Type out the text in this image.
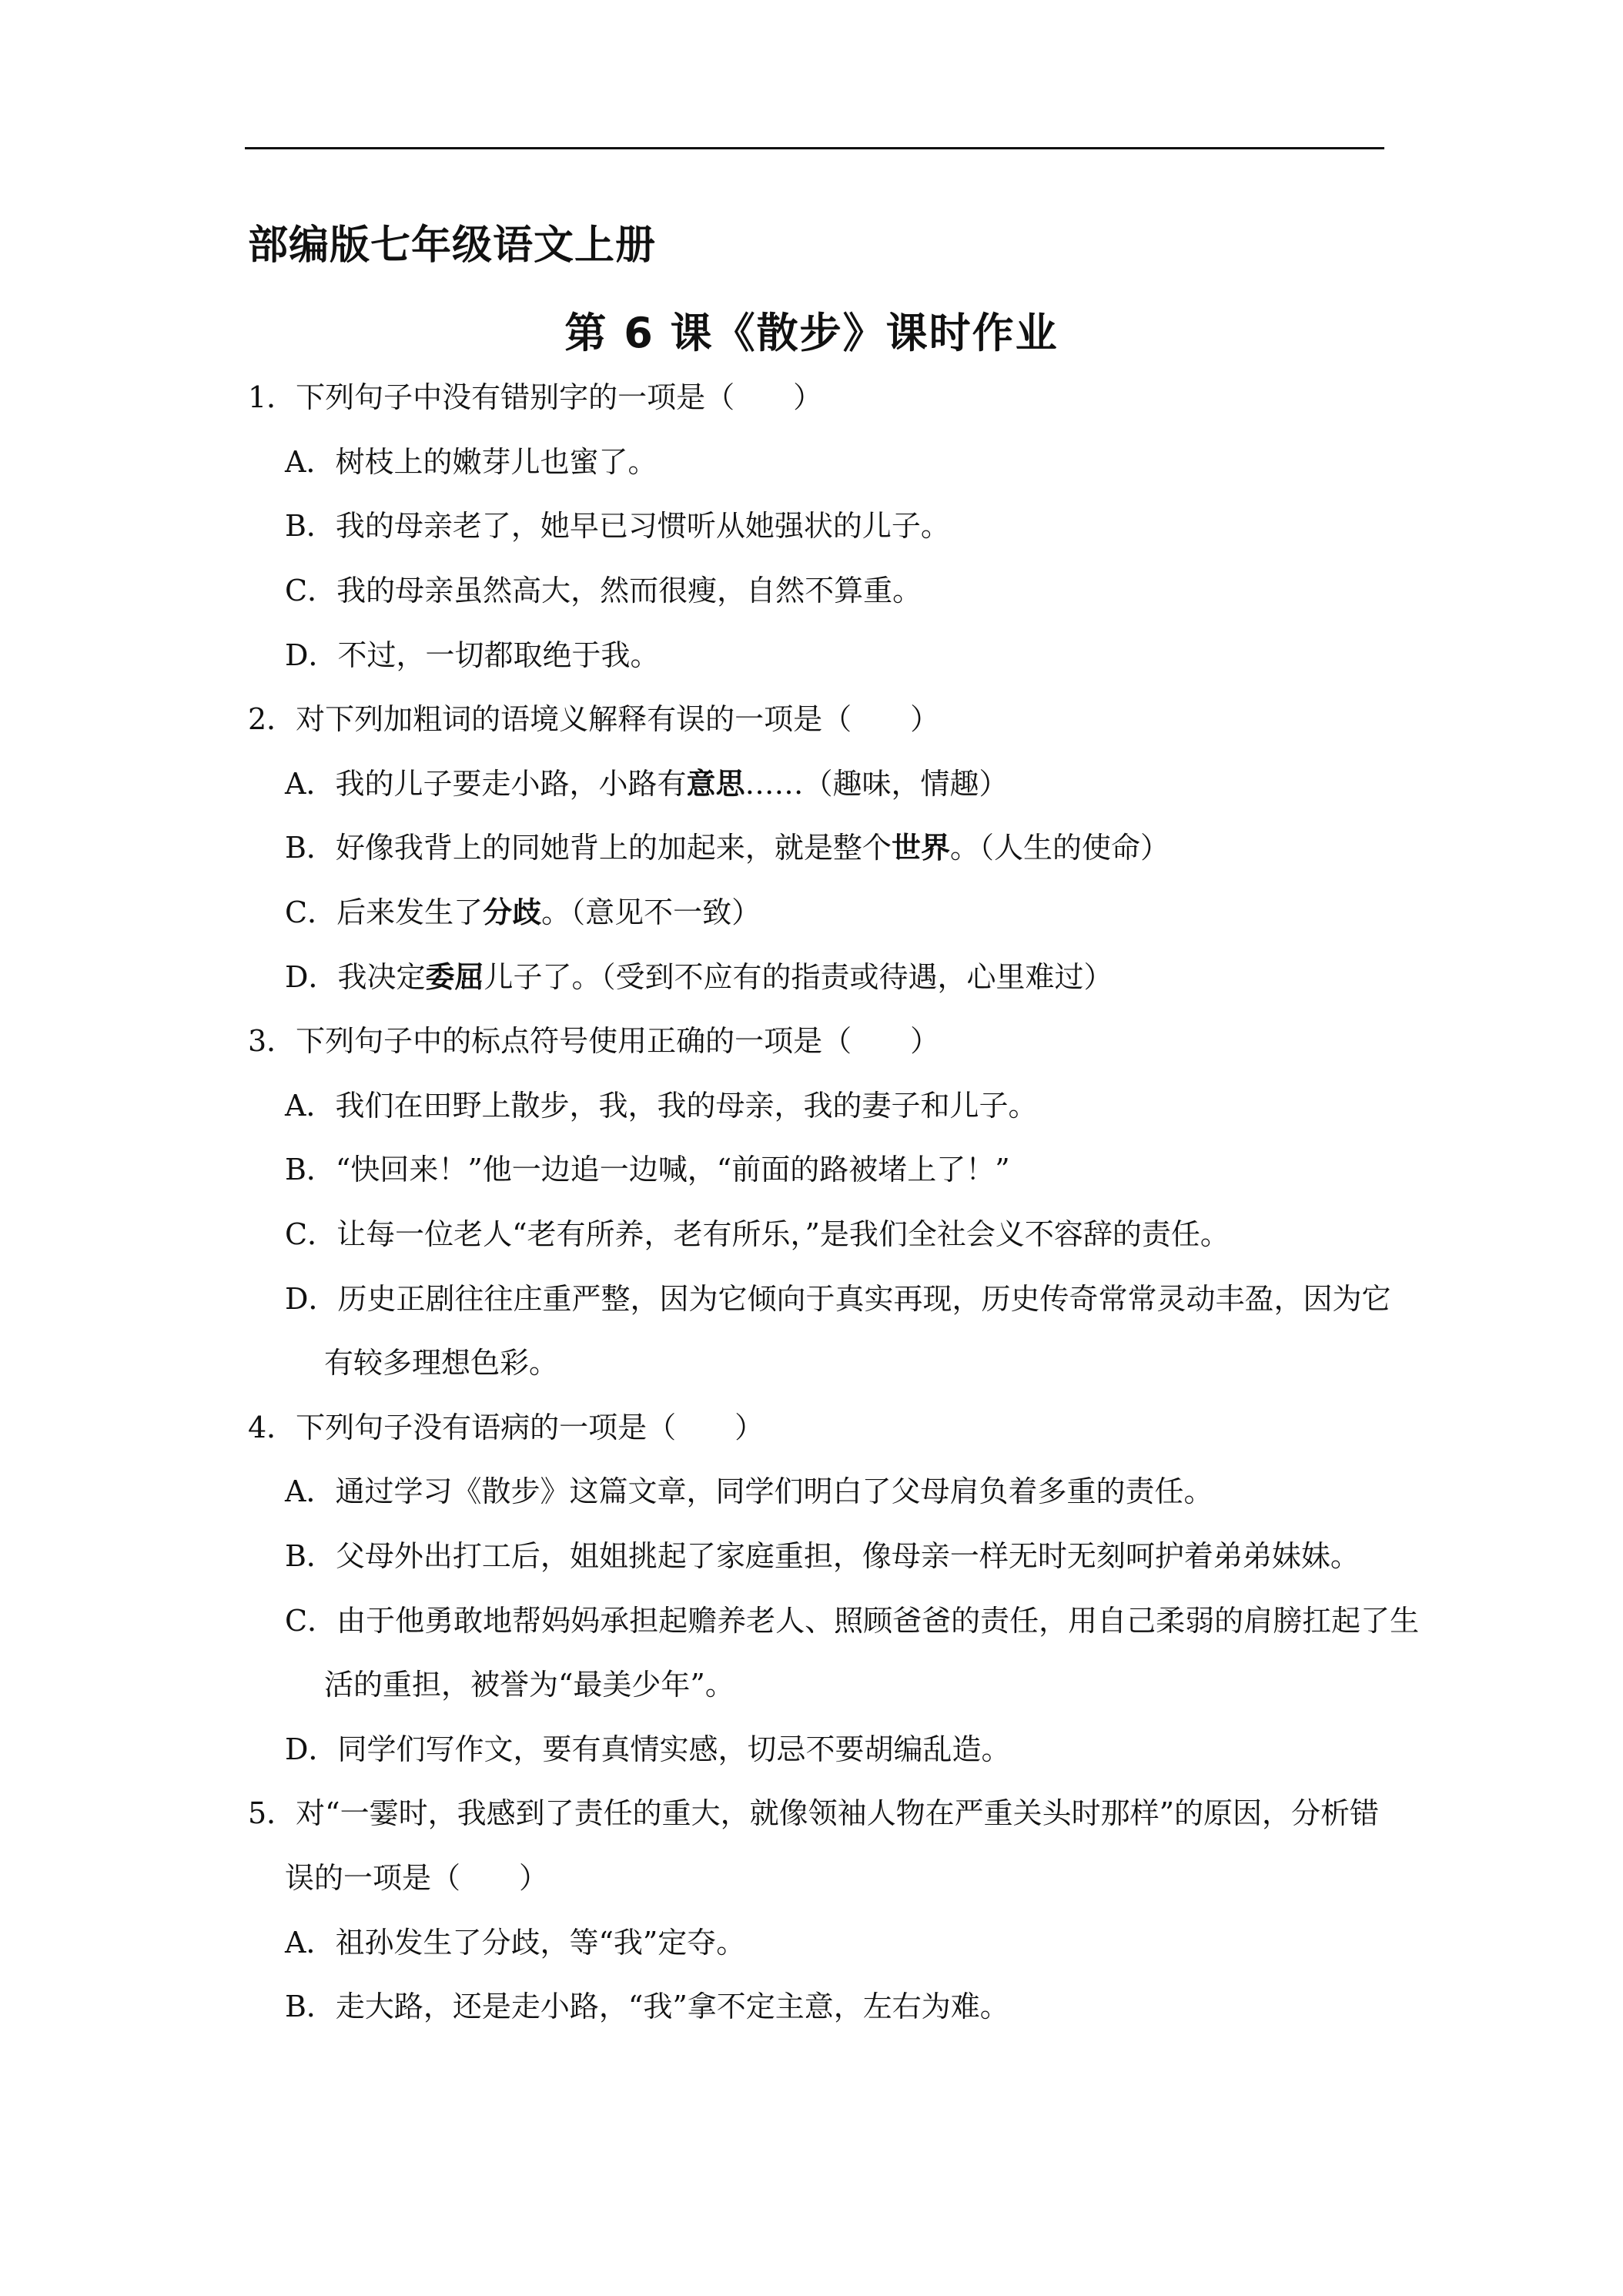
部编版七年级语文上册
第 6 课《散步》课时作业
1．下列句子中没有错别字的一项是（　　）
A．树枝上的嫩芽儿也蜜了。
B．我的母亲老了，她早已习惯听从她强状的儿子。
C．我的母亲虽然高大，然而很瘦，自然不算重。
D．不过，一切都取绝于我。
2．对下列加粗词的语境义解释有误的一项是（　　）
A．我的儿子要走小路，小路有意思……（趣味，情趣）
B．好像我背上的同她背上的加起来，就是整个世界。（人生的使命）
C．后来发生了分歧。（意见不一致）
D．我决定委屈儿子了。（受到不应有的指责或待遇，心里难过）
3．下列句子中的标点符号使用正确的一项是（　　）
A．我们在田野上散步，我，我的母亲，我的妻子和儿子。
B．“快回来！”他一边追一边喊，“前面的路被堵上了！”
C．让每一位老人“老有所养，老有所乐，”是我们全社会义不容辞的责任。
D．历史正剧往往庄重严整，因为它倾向于真实再现，历史传奇常常灵动丰盈，因为它
有较多理想色彩。
4．下列句子没有语病的一项是（　　）
A．通过学习《散步》这篇文章，同学们明白了父母肩负着多重的责任。
B．父母外出打工后，姐姐挑起了家庭重担，像母亲一样无时无刻呵护着弟弟妹妹。
C．由于他勇敢地帮妈妈承担起赡养老人、照顾爸爸的责任，用自己柔弱的肩膀扛起了生
活的重担，被誉为“最美少年”。
D．同学们写作文，要有真情实感，切忌不要胡编乱造。
5．对“一霎时，我感到了责任的重大，就像领袖人物在严重关头时那样”的原因，分析错
误的一项是（　　）
A．祖孙发生了分歧，等“我”定夺。
B．走大路，还是走小路，“我”拿不定主意，左右为难。
